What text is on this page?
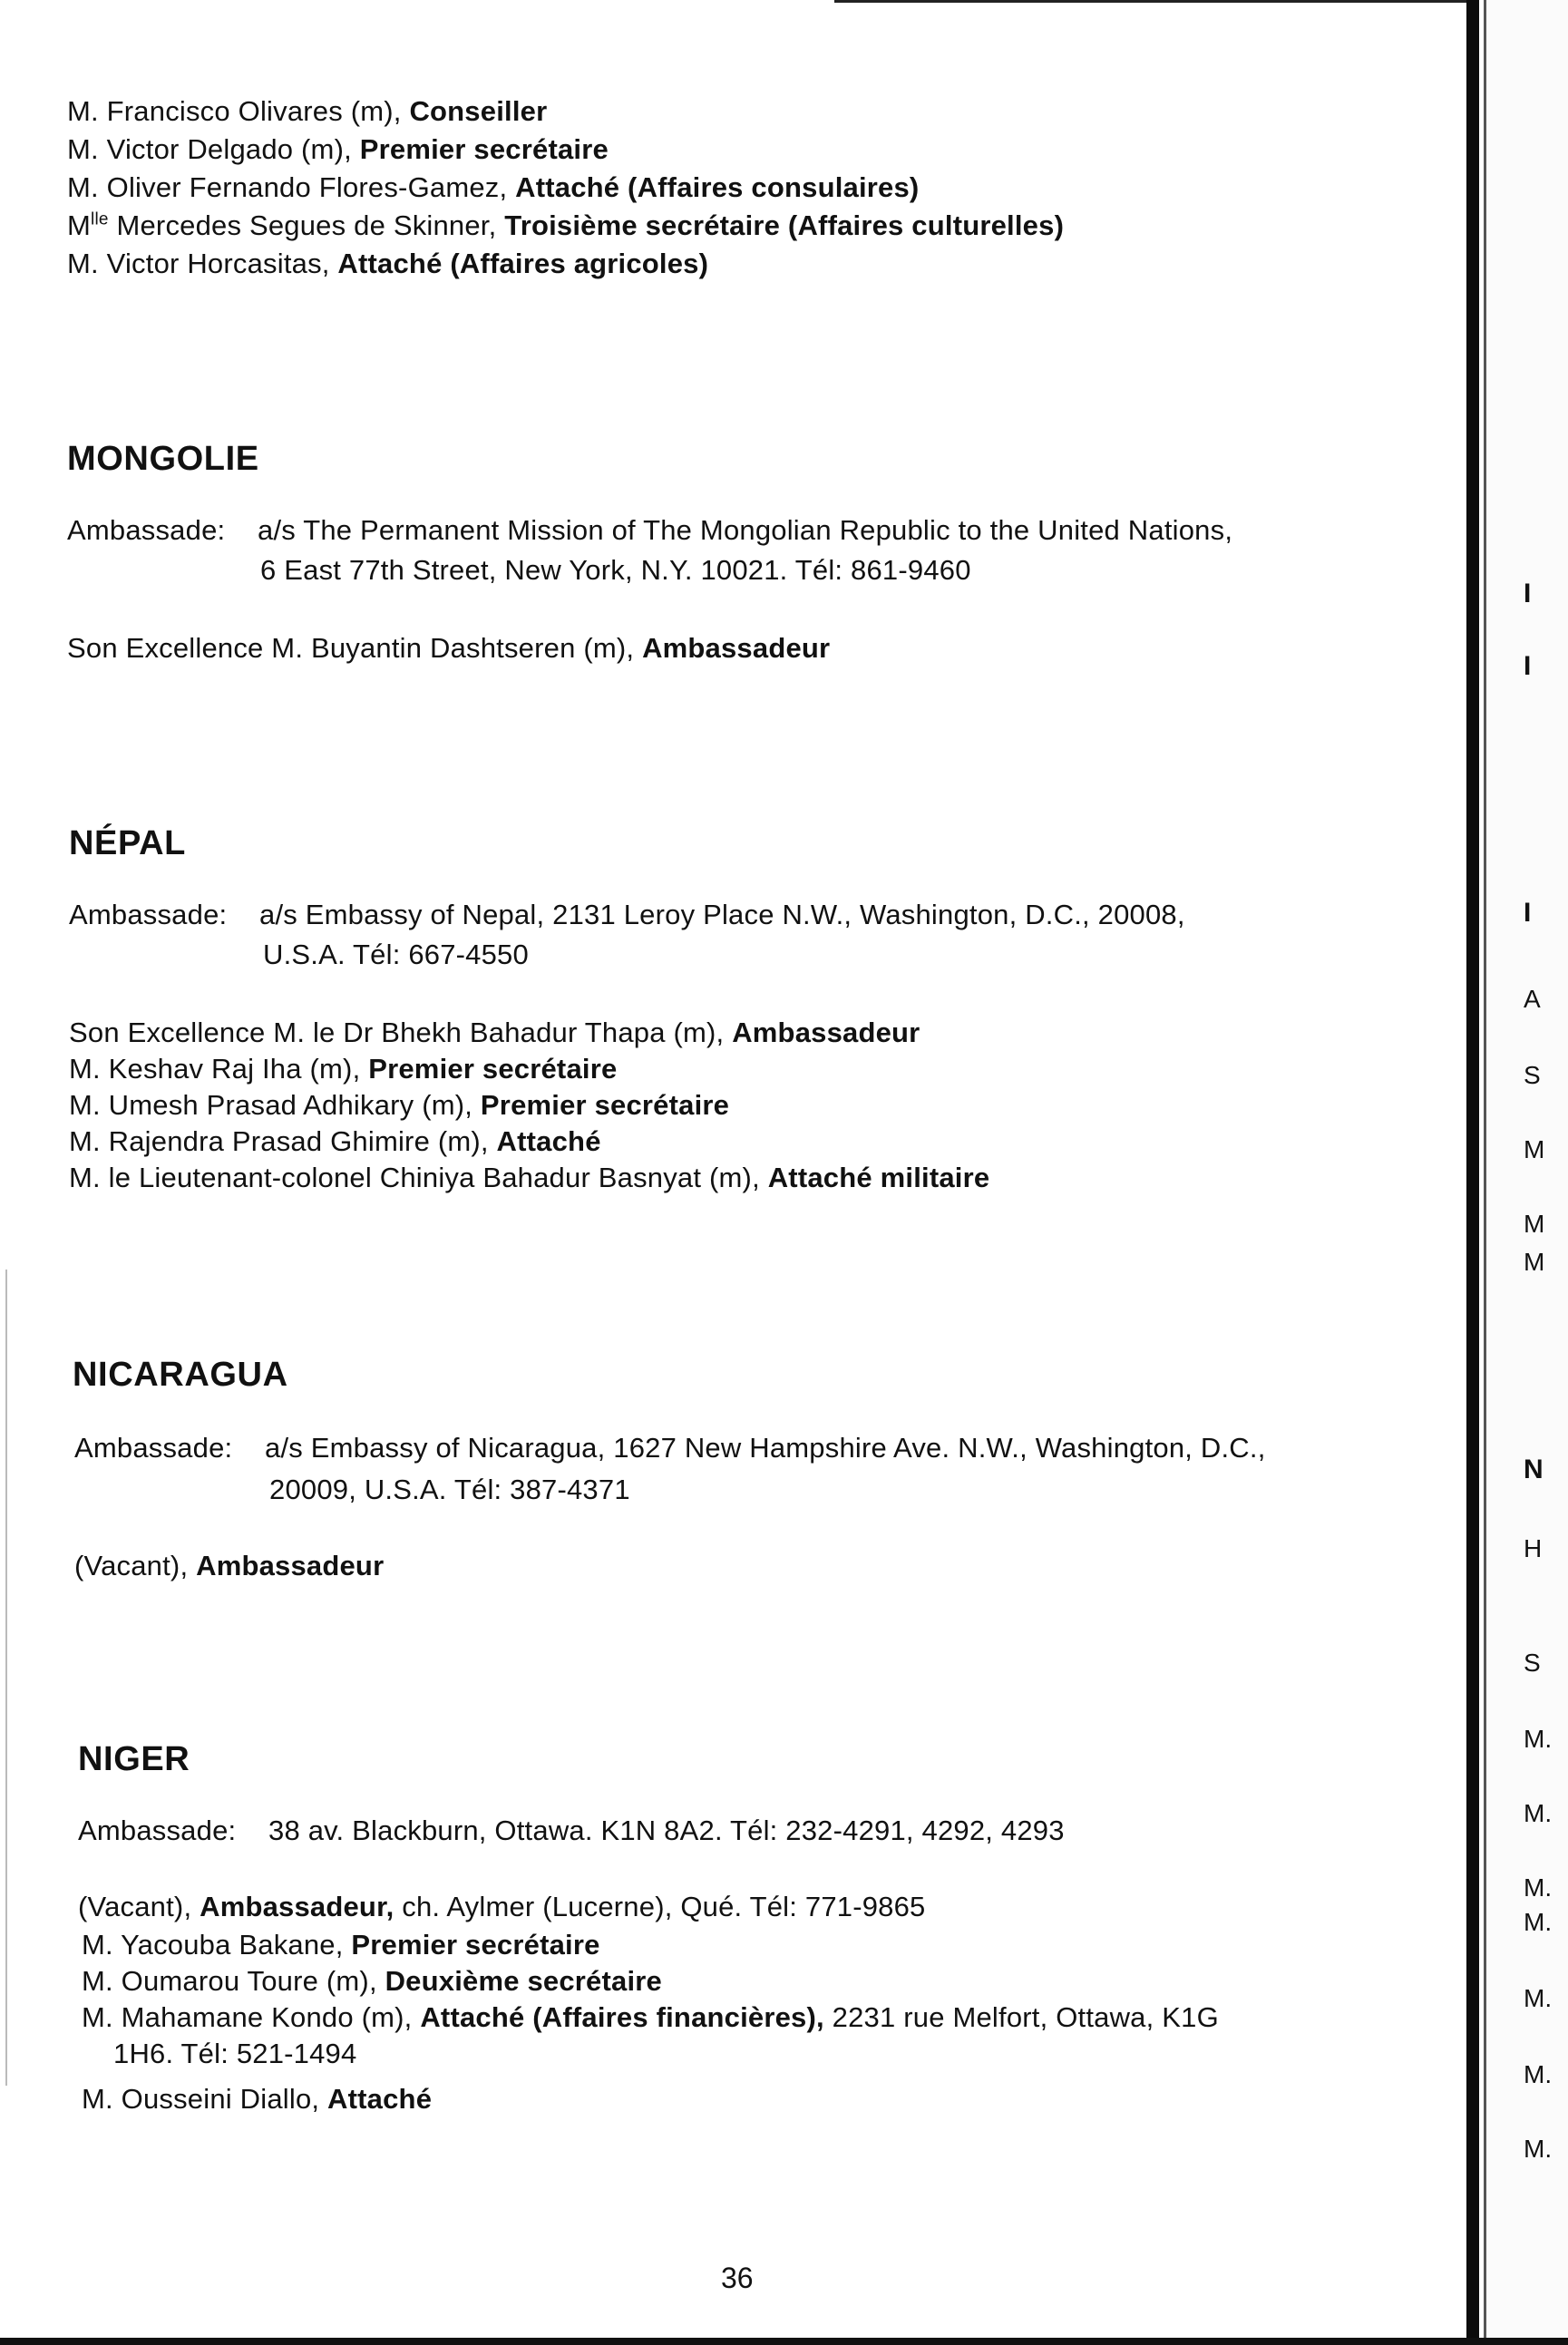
M. Francisco Olivares (m), Conseiller
M. Victor Delgado (m), Premier secrétaire
M. Oliver Fernando Flores-Gamez, Attaché (Affaires consulaires)
$M^{lle}$ Mercedes Segues de Skinner, Troisième secrétaire (Affaires culturelles)
M. Victor Horcasitas, Attaché (Affaires agricoles)
MONGOLIE
Ambassade: a/s The Permanent Mission of The Mongolian Republic to the United Nations,
6 East 77th Street, New York, N.Y. 10021. Tél: 861-9460
Son Excellence M. Buyantin Dashtseren (m), Ambassadeur
NÉPAL
Ambassade: a/s Embassy of Nepal, 2131 Leroy Place N.W., Washington, D.C., 20008,
U.S.A. Tél: 667-4550
Son Excellence M. le Dr Bhekh Bahadur Thapa (m), Ambassadeur
M. Keshav Raj Iha (m), Premier secrétaire
M. Umesh Prasad Adhikary (m), Premier secrétaire
M. Rajendra Prasad Ghimire (m), Attaché
M. le Lieutenant-colonel Chiniya Bahadur Basnyat (m), Attaché militaire
NICARAGUA
Ambassade: a/s Embassy of Nicaragua, 1627 New Hampshire Ave. N.W., Washington, D.C.,
20009, U.S.A. Tél: 387-4371
(Vacant), Ambassadeur
NIGER
Ambassade: 38 av. Blackburn, Ottawa. K1N 8A2. Tél: 232-4291, 4292, 4293
(Vacant), Ambassadeur, ch. Aylmer (Lucerne), Qué. Tél: 771-9865
M. Yacouba Bakane, Premier secrétaire
M. Oumarou Toure (m), Deuxième secrétaire
M. Mahamane Kondo (m), Attaché (Affaires financières), 2231 rue Melfort, Ottawa, K1G
1H6. Tél: 521-1494
M. Ousseini Diallo, Attaché
36
I
I
I
A
S
M
M
M
N
H
S
M.
M.
M.
M.
M.
M.
M.
